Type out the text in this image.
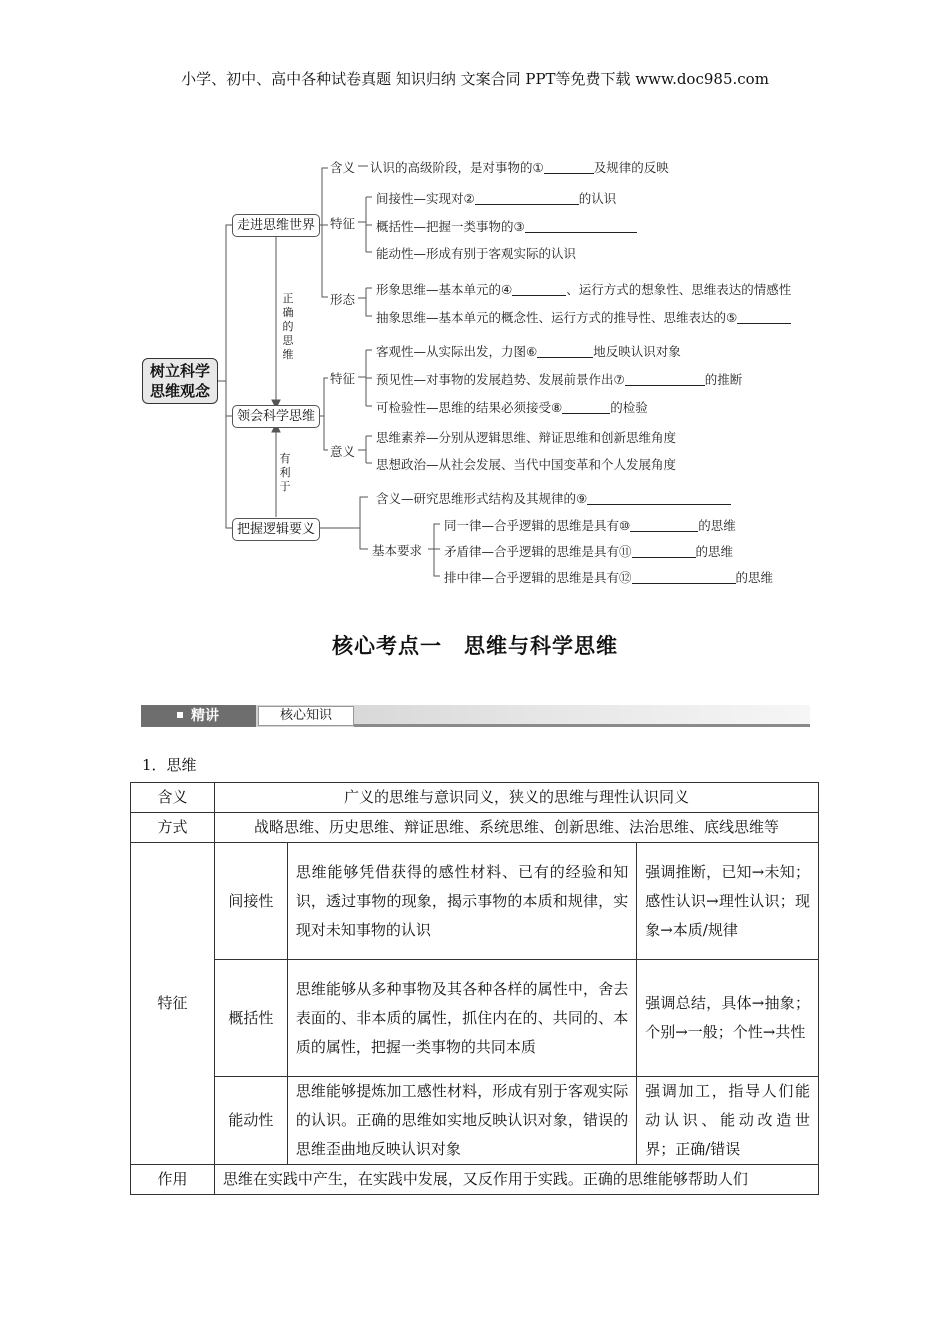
小学、初中、高中各种试卷真题 知识归纳 文案合同 PPT等免费下载 www.doc985.com
树立科学
思维观念
走进思维世界
领会科学思维
把握逻辑要义
正
确
的
思
维
有
利
于
含义 认识的高级阶段，是对事物的①	及规律的反映
特征
间接性—实现对②	的认识
概括性—把握一类事物的③
能动性—形成有别于客观实际的认识
形态
形象思维—基本单元的④	、运行方式的想象性、思维表达的情感性
抽象思维—基本单元的概念性、运行方式的推导性、思维表达的⑤
特征
客观性—从实际出发，力图⑥	地反映认识对象
预见性—对事物的发展趋势、发展前景作出⑦	的推断
可检验性—思维的结果必须接受⑧	的检验
意义
思维素养—分别从逻辑思维、辩证思维和创新思维角度
思想政治—从社会发展、当代中国变革和个人发展角度
含义—研究思维形式结构及其规律的⑨
基本要求
同一律—合乎逻辑的思维是具有⑩	的思维
矛盾律—合乎逻辑的思维是具有⑪	的思维
排中律—合乎逻辑的思维是具有⑫	的思维
核心考点一　思维与科学思维
精讲	核心知识
1．思维
含义	广义的思维与意识同义，狭义的思维与理性认识同义		
方式	战略思维、历史思维、辩证思维、系统思维、创新思维、法治思维、底线思维等		
特征	间接性	思维能够凭借获得的感性材料、已有的经验和知识，透过事物的现象，揭示事物的本质和规律，实现对未知事物的认识	强调推断，已知→未知；感性认识→理性认识；现象→本质/规律
	概括性	思维能够从多种事物及其各种各样的属性中，舍去表面的、非本质的属性，抓住内在的、共同的、本质的属性，把握一类事物的共同本质	强调总结，具体→抽象；个别→一般；个性→共性
	能动性	思维能够提炼加工感性材料，形成有别于客观实际的认识。正确的思维如实地反映认识对象，错误的思维歪曲地反映认识对象	强调加工，指导人们能动认识、能动改造世界；正确/错误
作用	思维在实践中产生，在实践中发展，又反作用于实践。正确的思维能够帮助人们		
